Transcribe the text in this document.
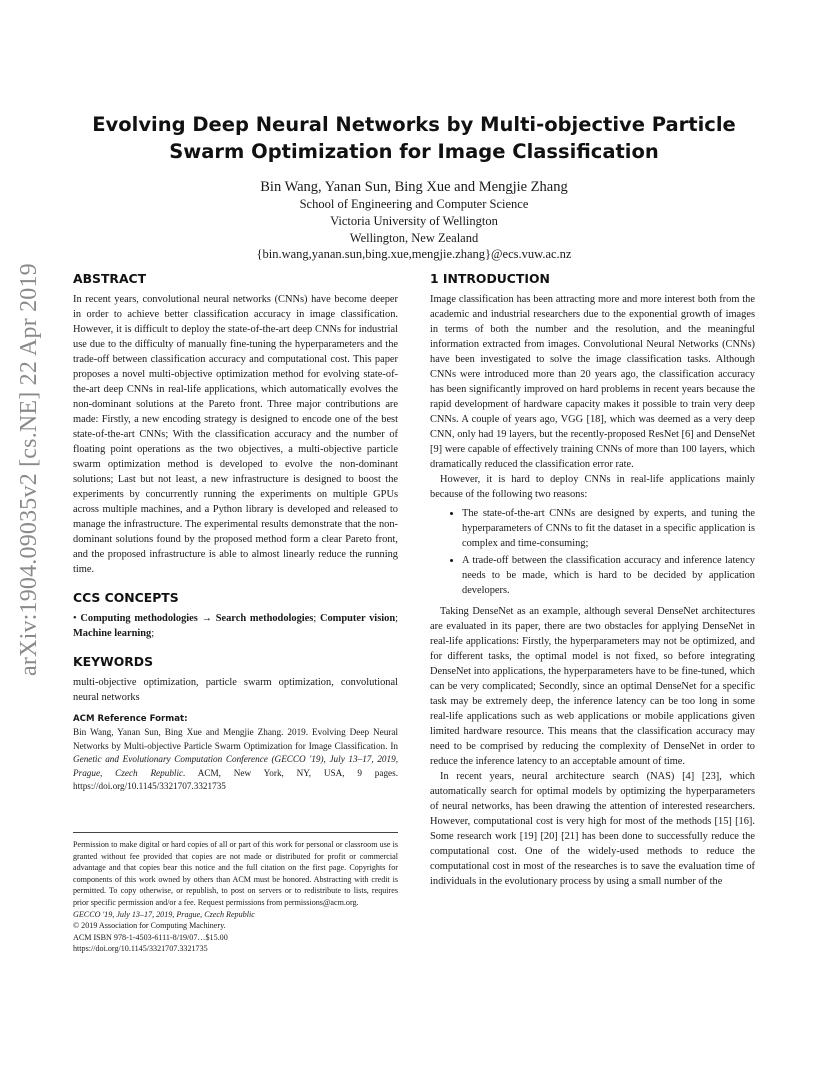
arXiv:1904.09035v2 [cs.NE] 22 Apr 2019
Evolving Deep Neural Networks by Multi-objective Particle
Swarm Optimization for Image Classification
Bin Wang, Yanan Sun, Bing Xue and Mengjie Zhang
School of Engineering and Computer Science
Victoria University of Wellington
Wellington, New Zealand
{bin.wang,yanan.sun,bing.xue,mengjie.zhang}@ecs.vuw.ac.nz
ABSTRACT

In recent years, convolutional neural networks (CNNs) have become deeper in order to achieve better classification accuracy in image classification. However, it is difficult to deploy the state-of-the-art deep CNNs for industrial use due to the difficulty of manually fine-tuning the hyperparameters and the trade-off between classification accuracy and computational cost. This paper proposes a novel multi-objective optimization method for evolving state-of-the-art deep CNNs in real-life applications, which automatically evolves the non-dominant solutions at the Pareto front. Three major contributions are made: Firstly, a new encoding strategy is designed to encode one of the best state-of-the-art CNNs; With the classification accuracy and the number of floating point operations as the two objectives, a multi-objective particle swarm optimization method is developed to evolve the non-dominant solutions; Last but not least, a new infrastructure is designed to boost the experiments by concurrently running the experiments on multiple GPUs across multiple machines, and a Python library is developed and released to manage the infrastructure. The experimental results demonstrate that the non-dominant solutions found by the proposed method form a clear Pareto front, and the proposed infrastructure is able to almost linearly reduce the running time.

CCS CONCEPTS

• Computing methodologies → Search methodologies; Computer vision; Machine learning;

KEYWORDS

multi-objective optimization, particle swarm optimization, convolutional neural networks

ACM Reference Format:

Bin Wang, Yanan Sun, Bing Xue and Mengjie Zhang. 2019. Evolving Deep Neural Networks by Multi-objective Particle Swarm Optimization for Image Classification. In Genetic and Evolutionary Computation Conference (GECCO '19), July 13–17, 2019, Prague, Czech Republic. ACM, New York, NY, USA, 9 pages. https://doi.org/10.1145/3321707.3321735

Permission to make digital or hard copies of all or part of this work for personal or classroom use is granted without fee provided that copies are not made or distributed for profit or commercial advantage and that copies bear this notice and the full citation on the first page. Copyrights for components of this work owned by others than ACM must be honored. Abstracting with credit is permitted. To copy otherwise, or republish, to post on servers or to redistribute to lists, requires prior specific permission and/or a fee. Request permissions from permissions@acm.org.

GECCO '19, July 13–17, 2019, Prague, Czech Republic

© 2019 Association for Computing Machinery.

ACM ISBN 978-1-4503-6111-8/19/07…$15.00

https://doi.org/10.1145/3321707.3321735

1 INTRODUCTION

Image classification has been attracting more and more interest both from the academic and industrial researchers due to the exponential growth of images in terms of both the number and the resolution, and the meaningful information extracted from images. Convolutional Neural Networks (CNNs) have been investigated to solve the image classification tasks. Although CNNs were introduced more than 20 years ago, the classification accuracy has been significantly improved on hard problems in recent years because the rapid development of hardware capacity makes it possible to train very deep CNNs. A couple of years ago, VGG [18], which was deemed as a very deep CNN, only had 19 layers, but the recently-proposed ResNet [6] and DenseNet [9] were capable of effectively training CNNs of more than 100 layers, which dramatically reduced the classification error rate.

However, it is hard to deploy CNNs in real-life applications mainly because of the following two reasons:

• The state-of-the-art CNNs are designed by experts, and tuning the hyperparameters of CNNs to fit the dataset in a specific application is complex and time-consuming;
• A trade-off between the classification accuracy and inference latency needs to be made, which is hard to be decided by application developers.

Taking DenseNet as an example, although several DenseNet architectures are evaluated in its paper, there are two obstacles for applying DenseNet in real-life applications: Firstly, the hyperparameters may not be optimized, and for different tasks, the optimal model is not fixed, so before integrating DenseNet into applications, the hyperparameters have to be fine-tuned, which can be very complicated; Secondly, since an optimal DenseNet for a specific task may be extremely deep, the inference latency can be too long in some real-life applications such as web applications or mobile applications given limited hardware resource. This means that the classification accuracy may need to be comprised by reducing the complexity of DenseNet in order to reduce the inference latency to an acceptable amount of time.

In recent years, neural architecture search (NAS) [4] [23], which automatically search for optimal models by optimizing the hyperparameters of neural networks, has been drawing the attention of interested researchers. However, computational cost is very high for most of the methods [15] [16]. Some research work [19] [20] [21] has been done to successfully reduce the computational cost. One of the widely-used methods to reduce the computational cost in most of the researches is to save the evaluation time of individuals in the evolutionary process by using a small number of the
